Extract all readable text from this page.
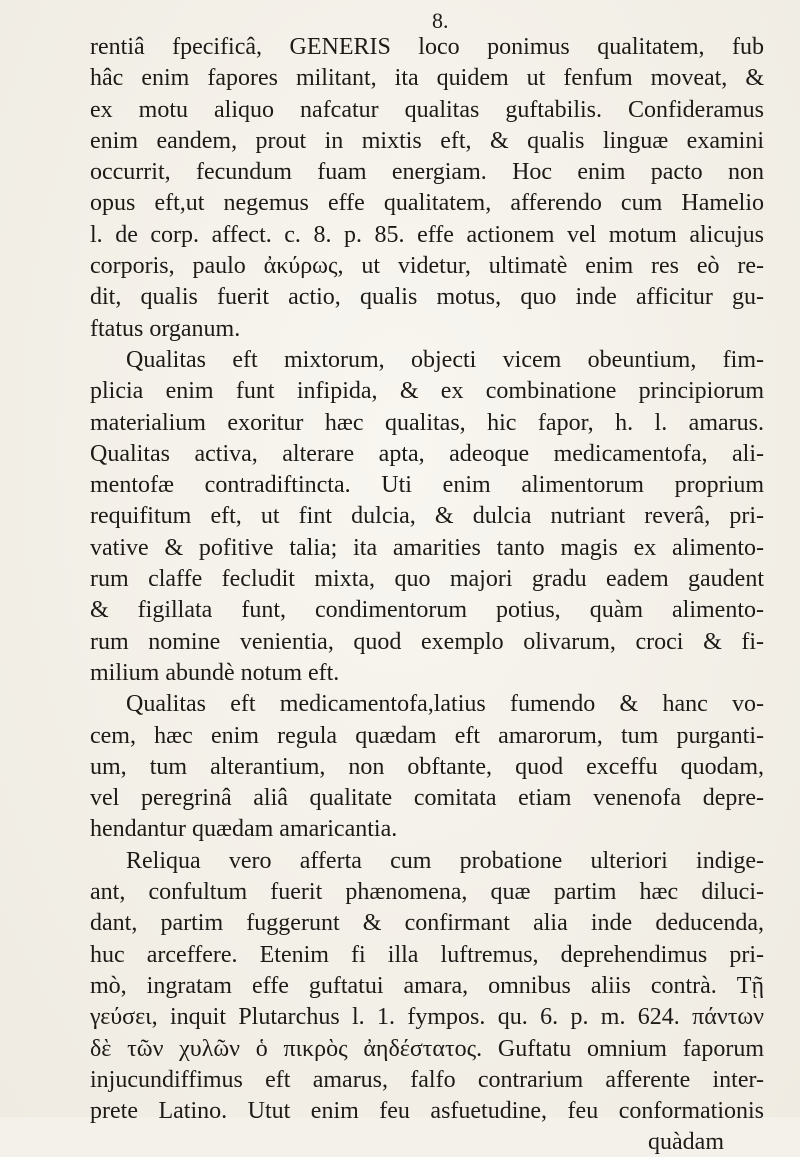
8.
rentiâ fpecificâ, GENERIS loco ponimus qualitatem, fub
hâc enim fapores militant, ita quidem ut fenfum moveat, &
ex motu aliquo nafcatur qualitas guftabilis. Confideramus
enim eandem, prout in mixtis eft, & qualis linguæ examini
occurrit, fecundum fuam energiam. Hoc enim pacto non
opus eft,ut negemus effe qualitatem, afferendo cum Hamelio
l. de corp. affect. c. 8. p. 85. effe actionem vel motum alicujus
corporis, paulo ἀκύρως, ut videtur, ultimatè enim res eò re-
dit, qualis fuerit actio, qualis motus, quo inde afficitur gu-
ftatus organum.
Qualitas eft mixtorum, objecti vicem obeuntium, fim-
plicia enim funt infipida, & ex combinatione principiorum
materialium exoritur hæc qualitas, hic fapor, h. l. amarus.
Qualitas activa, alterare apta, adeoque medicamentofa, ali-
mentofæ contradiftincta. Uti enim alimentorum proprium
requifitum eft, ut fint dulcia, & dulcia nutriant reverâ, pri-
vative & pofitive talia; ita amarities tanto magis ex alimento-
rum claffe fecludit mixta, quo majori gradu eadem gaudent
& figillata funt, condimentorum potius, quàm alimento-
rum nomine venientia, quod exemplo olivarum, croci & fi-
milium abundè notum eft.
Qualitas eft medicamentofa,latius fumendo & hanc vo-
cem, hæc enim regula quædam eft amarorum, tum purganti-
um, tum alterantium, non obftante, quod exceffu quodam,
vel peregrinâ aliâ qualitate comitata etiam venenofa depre-
hendantur quædam amaricantia.
Reliqua vero afferta cum probatione ulteriori indige-
ant, confultum fuerit phænomena, quæ partim hæc diluci-
dant, partim fuggerunt & confirmant alia inde deducenda,
huc arceffere. Etenim fi illa luftremus, deprehendimus pri-
mò, ingratam effe guftatui amara, omnibus aliis contrà. Τῇ
γεύσει, inquit Plutarchus l. 1. fympos. qu. 6. p. m. 624. πάντων
δὲ τῶν χυλῶν ὁ πικρὸς ἀηδέστατος. Guftatu omnium faporum
injucundiffimus eft amarus, falfo contrarium afferente inter-
prete Latino. Utut enim feu asfuetudine, feu conformationis
quàdam
